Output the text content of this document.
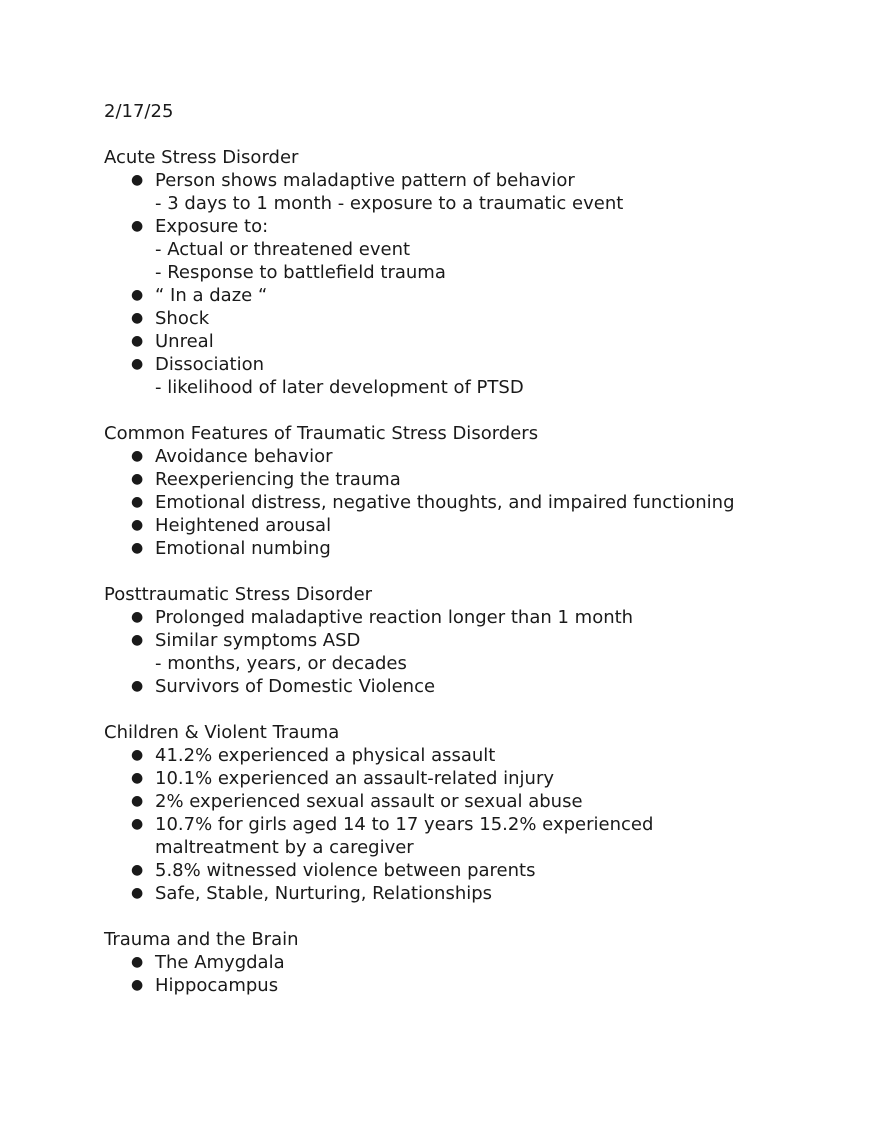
2/17/25
Acute Stress Disorder
● Person shows maladaptive pattern of behavior
- 3 days to 1 month - exposure to a traumatic event
● Exposure to:
- Actual or threatened event
- Response to battlefield trauma
● “ In a daze “
● Shock
● Unreal
● Dissociation
- likelihood of later development of PTSD
Common Features of Traumatic Stress Disorders
● Avoidance behavior
● Reexperiencing the trauma
● Emotional distress, negative thoughts, and impaired functioning
● Heightened arousal
● Emotional numbing
Posttraumatic Stress Disorder
● Prolonged maladaptive reaction longer than 1 month
● Similar symptoms ASD
- months, years, or decades
● Survivors of Domestic Violence
Children & Violent Trauma
● 41.2% experienced a physical assault
● 10.1% experienced an assault-related injury
● 2% experienced sexual assault or sexual abuse
● 10.7% for girls aged 14 to 17 years 15.2% experienced maltreatment by a caregiver
● 5.8% witnessed violence between parents
● Safe, Stable, Nurturing, Relationships
Trauma and the Brain
● The Amygdala
● Hippocampus
